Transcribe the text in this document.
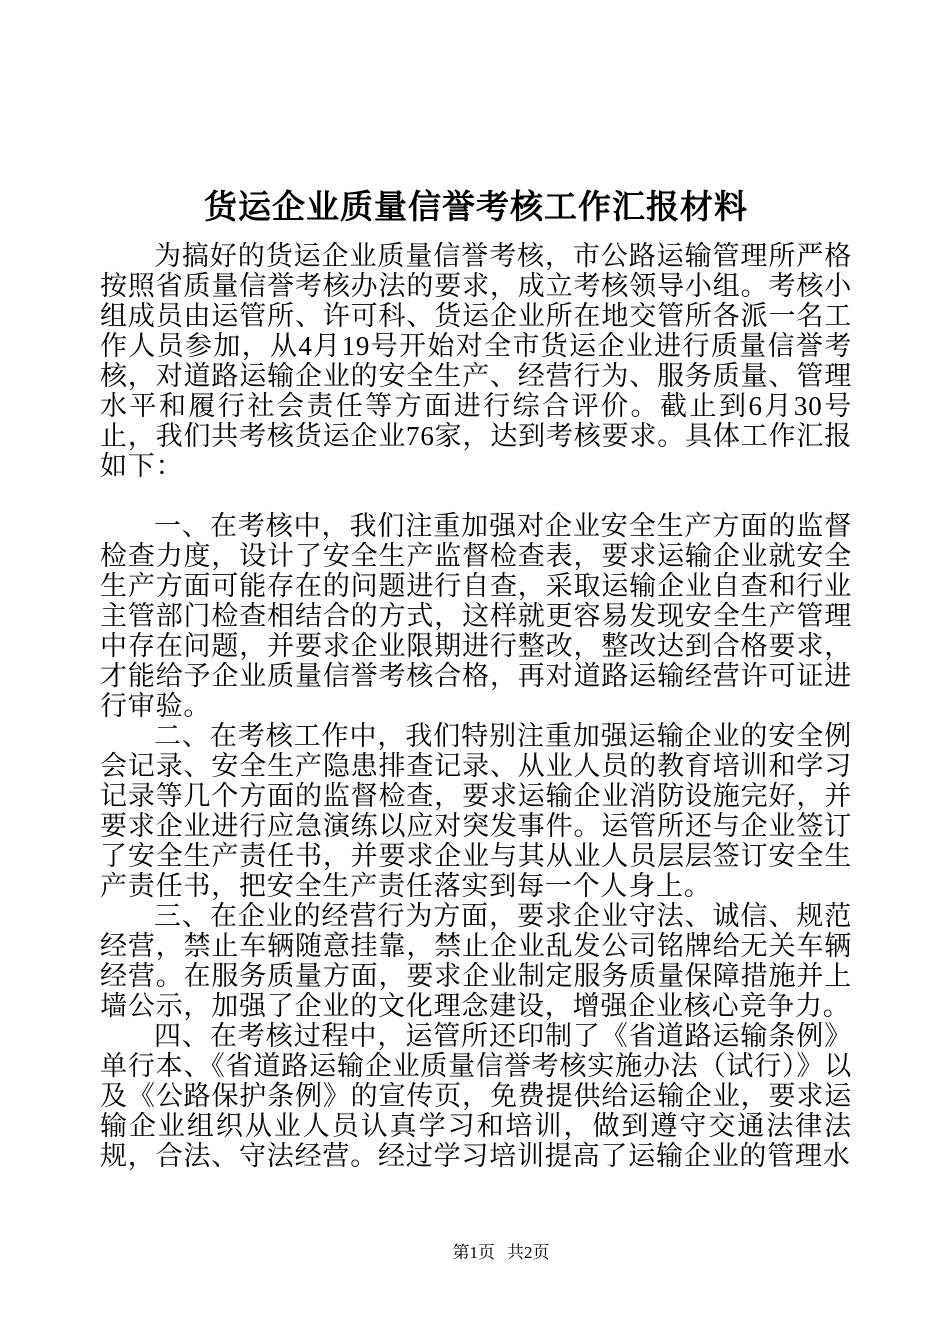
货运企业质量信誉考核工作汇报材料

为搞好的货运企业质量信誉考核，市公路运输管理所严格按照省质量信誉考核办法的要求，成立考核领导小组。考核小组成员由运管所、许可科、货运企业所在地交管所各派一名工作人员参加，从4月19号开始对全市货运企业进行质量信誉考核，对道路运输企业的安全生产、经营行为、服务质量、管理水平和履行社会责任等方面进行综合评价。截止到6月30号止，我们共考核货运企业76家，达到考核要求。具体工作汇报如下：

一、在考核中，我们注重加强对企业安全生产方面的监督检查力度，设计了安全生产监督检查表，要求运输企业就安全生产方面可能存在的问题进行自查，采取运输企业自查和行业主管部门检查相结合的方式，这样就更容易发现安全生产管理中存在问题，并要求企业限期进行整改，整改达到合格要求，才能给予企业质量信誉考核合格，再对道路运输经营许可证进行审验。

二、在考核工作中，我们特别注重加强运输企业的安全例会记录、安全生产隐患排查记录、从业人员的教育培训和学习记录等几个方面的监督检查，要求运输企业消防设施完好，并要求企业进行应急演练以应对突发事件。运管所还与企业签订了安全生产责任书，并要求企业与其从业人员层层签订安全生产责任书，把安全生产责任落实到每一个人身上。

三、在企业的经营行为方面，要求企业守法、诚信、规范经营，禁止车辆随意挂靠，禁止企业乱发公司铭牌给无关车辆经营。在服务质量方面，要求企业制定服务质量保障措施并上墙公示，加强了企业的文化理念建设，增强企业核心竞争力。

四、在考核过程中，运管所还印制了《省道路运输条例》单行本、《省道路运输企业质量信誉考核实施办法（试行）》以及《公路保护条例》的宣传页，免费提供给运输企业，要求运输企业组织从业人员认真学习和培训，做到遵守交通法律法规，合法、守法经营。经过学习培训提高了运输企业的管理水

第1页 共2页
